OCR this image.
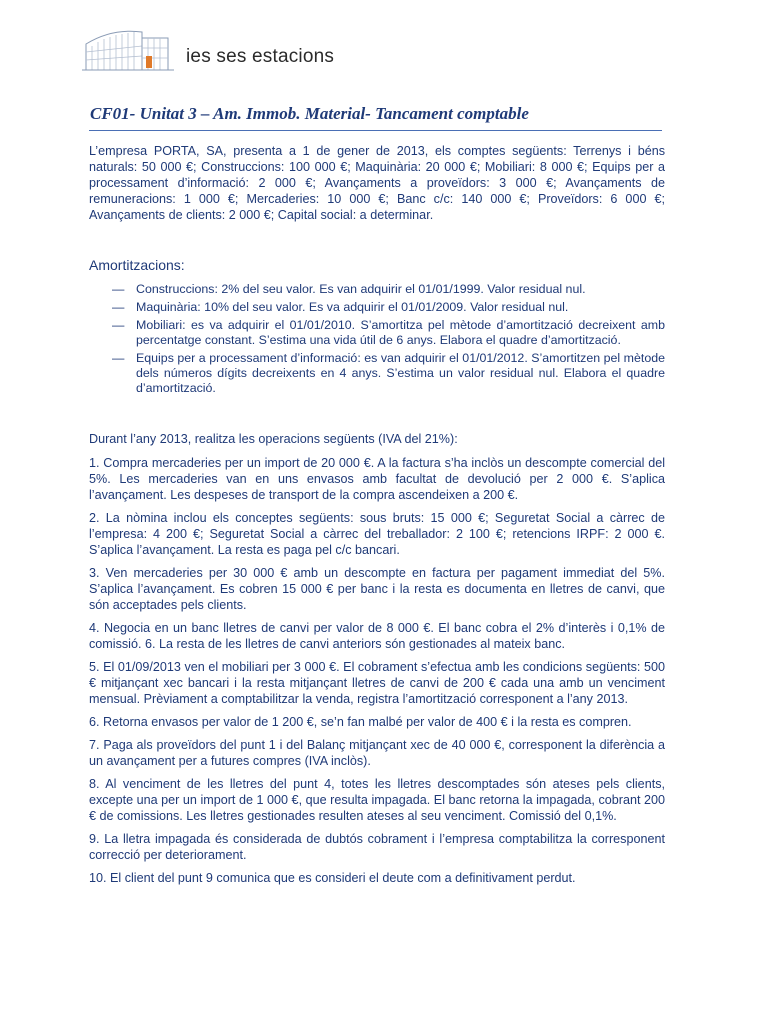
ies ses estacions
CF01- Unitat 3 – Am. Immob. Material- Tancament comptable
L’empresa PORTA, SA, presenta a 1 de gener de 2013, els comptes següents: Terrenys i béns naturals: 50 000 €; Construccions: 100 000 €; Maquinària: 20 000 €; Mobiliari: 8 000 €; Equips per a processament d’informació: 2 000 €; Avançaments a proveïdors: 3 000 €; Avançaments de remuneracions: 1 000 €; Mercaderies: 10 000 €; Banc c/c: 140 000 €; Proveïdors: 6 000 €; Avançaments de clients: 2 000 €; Capital social: a determinar.
Amortitzacions:
— Construccions: 2% del seu valor. Es van adquirir el 01/01/1999. Valor residual nul.
— Maquinària: 10% del seu valor. Es va adquirir el 01/01/2009. Valor residual nul.
— Mobiliari: es va adquirir el 01/01/2010. S’amortitza pel mètode d’amortització decreixent amb percentatge constant. S’estima una vida útil de 6 anys. Elabora el quadre d’amortització.
— Equips per a processament d’informació: es van adquirir el 01/01/2012. S’amortitzen pel mètode dels números dígits decreixents en 4 anys. S’estima un valor residual nul. Elabora el quadre d’amortització.
Durant l’any 2013, realitza les operacions següents (IVA del 21%):
1. Compra mercaderies per un import de 20 000 €. A la factura s’ha inclòs un descompte comercial del 5%. Les mercaderies van en uns envasos amb facultat de devolució per 2 000 €. S’aplica l’avançament. Les despeses de transport de la compra ascendeixen a 200 €.
2. La nòmina inclou els conceptes següents: sous bruts: 15 000 €; Seguretat Social a càrrec de l’empresa: 4 200 €; Seguretat Social a càrrec del treballador: 2 100 €; retencions IRPF: 2 000 €. S’aplica l’avançament. La resta es paga pel c/c bancari.
3. Ven mercaderies per 30 000 € amb un descompte en factura per pagament immediat del 5%. S’aplica l’avançament. Es cobren 15 000 € per banc i la resta es documenta en lletres de canvi, que són acceptades pels clients.
4. Negocia en un banc lletres de canvi per valor de 8 000 €. El banc cobra el 2% d’interès i 0,1% de comissió. 6. La resta de les lletres de canvi anteriors són gestionades al mateix banc.
5. El 01/09/2013 ven el mobiliari per 3 000 €. El cobrament s’efectua amb les condicions següents: 500 € mitjançant xec bancari i la resta mitjançant lletres de canvi de 200 € cada una amb un venciment mensual. Prèviament a comptabilitzar la venda, registra l’amortització corresponent a l’any 2013.
6. Retorna envasos per valor de 1 200 €, se’n fan malbé per valor de 400 € i la resta es compren.
7. Paga als proveïdors del punt 1 i del Balanç mitjançant xec de 40 000 €, corresponent la diferència a un avançament per a futures compres (IVA inclòs).
8. Al venciment de les lletres del punt 4, totes les lletres descomptades són ateses pels clients, excepte una per un import de 1 000 €, que resulta impagada. El banc retorna la impagada, cobrant 200 € de comissions. Les lletres gestionades resulten ateses al seu venciment. Comissió del 0,1%.
9. La lletra impagada és considerada de dubtós cobrament i l’empresa comptabilitza la corresponent correcció per deteriorament.
10. El client del punt 9 comunica que es consideri el deute com a definitivament perdut.
